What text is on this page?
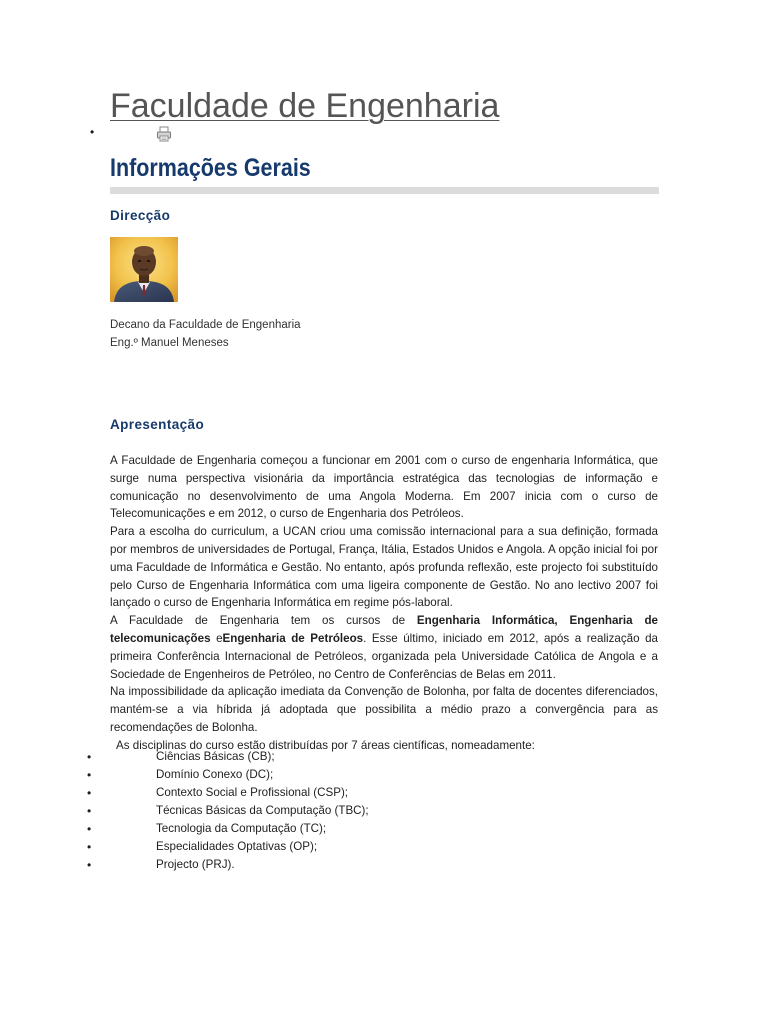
Faculdade de Engenharia
•
Informações Gerais
Direcção
Decano da Faculdade de Engenharia
Eng.º Manuel Meneses
Apresentação

A Faculdade de Engenharia começou a funcionar em 2001 com o curso de engenharia Informática, que surge numa perspectiva visionária da importância estratégica das tecnologias de informação e comunicação no desenvolvimento de uma Angola Moderna. Em 2007 inicia com o curso de Telecomunicações e em 2012, o curso de Engenharia dos Petróleos.

Para a escolha do curriculum, a UCAN criou uma comissão internacional para a sua definição, formada por membros de universidades de Portugal, França, Itália, Estados Unidos e Angola. A opção inicial foi por uma Faculdade de Informática e Gestão. No entanto, após profunda reflexão, este projecto foi substituído pelo Curso de Engenharia Informática com uma ligeira componente de Gestão. No ano lectivo 2007 foi lançado o curso de Engenharia Informática em regime pós-laboral.

A Faculdade de Engenharia tem os cursos de Engenharia Informática, Engenharia de telecomunicações eEngenharia de Petróleos. Esse último, iniciado em 2012, após a realização da primeira Conferência Internacional de Petróleos, organizada pela Universidade Católica de Angola e a Sociedade de Engenheiros de Petróleo, no Centro de Conferências de Belas em 2011.

Na impossibilidade da aplicação imediata da Convenção de Bolonha, por falta de docentes diferenciados, mantém-se a via híbrida já adoptada que possibilita a médio prazo a convergência para as recomendações de Bolonha.

As disciplinas do curso estão distribuídas por 7 áreas científicas, nomeadamente:

•	Ciências Básicas (CB);
•	Domínio Conexo (DC);
•	Contexto Social e Profissional (CSP);
•	Técnicas Básicas da Computação (TBC);
•	Tecnologia da Computação (TC);
•	Especialidades Optativas (OP);
•	Projecto (PRJ).
